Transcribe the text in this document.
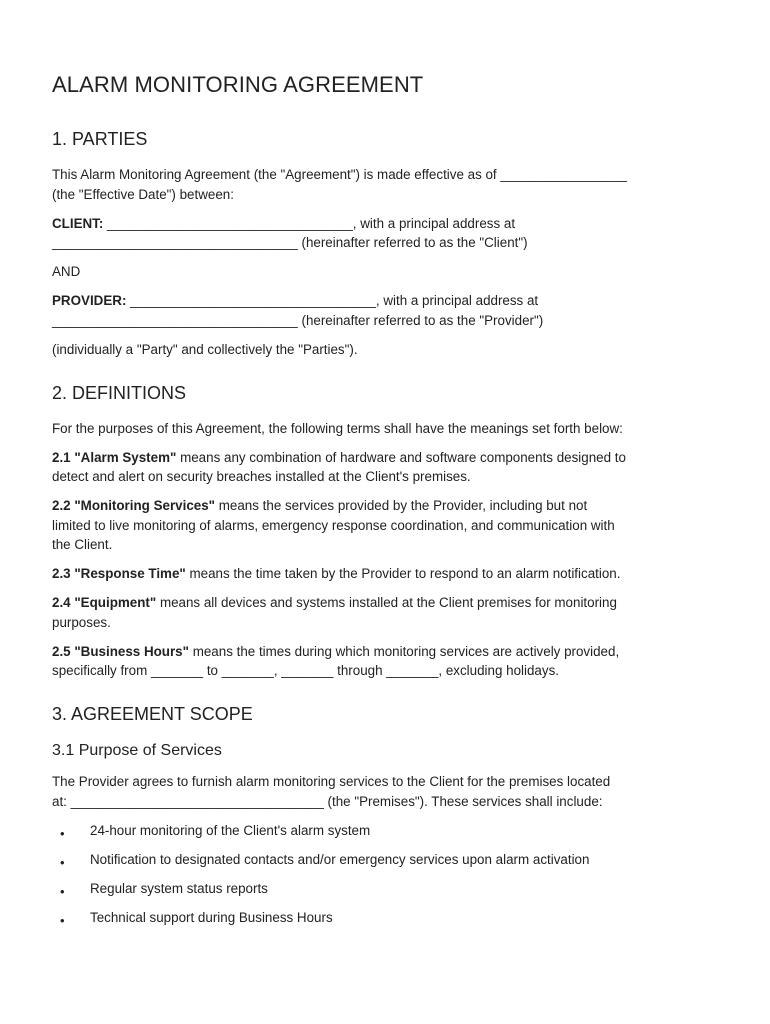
ALARM MONITORING AGREEMENT
1. PARTIES

This Alarm Monitoring Agreement (the "Agreement") is made effective as of _________________
(the "Effective Date") between:

CLIENT: _________________________________, with a principal address at
_________________________________ (hereinafter referred to as the "Client")

AND

PROVIDER: _________________________________, with a principal address at
_________________________________ (hereinafter referred to as the "Provider")

(individually a "Party" and collectively the "Parties").

2. DEFINITIONS

For the purposes of this Agreement, the following terms shall have the meanings set forth below:

2.1 "Alarm System" means any combination of hardware and software components designed to
detect and alert on security breaches installed at the Client's premises.

2.2 "Monitoring Services" means the services provided by the Provider, including but not
limited to live monitoring of alarms, emergency response coordination, and communication with
the Client.

2.3 "Response Time" means the time taken by the Provider to respond to an alarm notification.

2.4 "Equipment" means all devices and systems installed at the Client premises for monitoring
purposes.

2.5 "Business Hours" means the times during which monitoring services are actively provided,
specifically from _______ to _______, _______ through _______, excluding holidays.

3. AGREEMENT SCOPE
3.1 Purpose of Services

The Provider agrees to furnish alarm monitoring services to the Client for the premises located
at: __________________________________ (the "Premises"). These services shall include:

• 24-hour monitoring of the Client's alarm system
• Notification to designated contacts and/or emergency services upon alarm activation
• Regular system status reports
• Technical support during Business Hours
